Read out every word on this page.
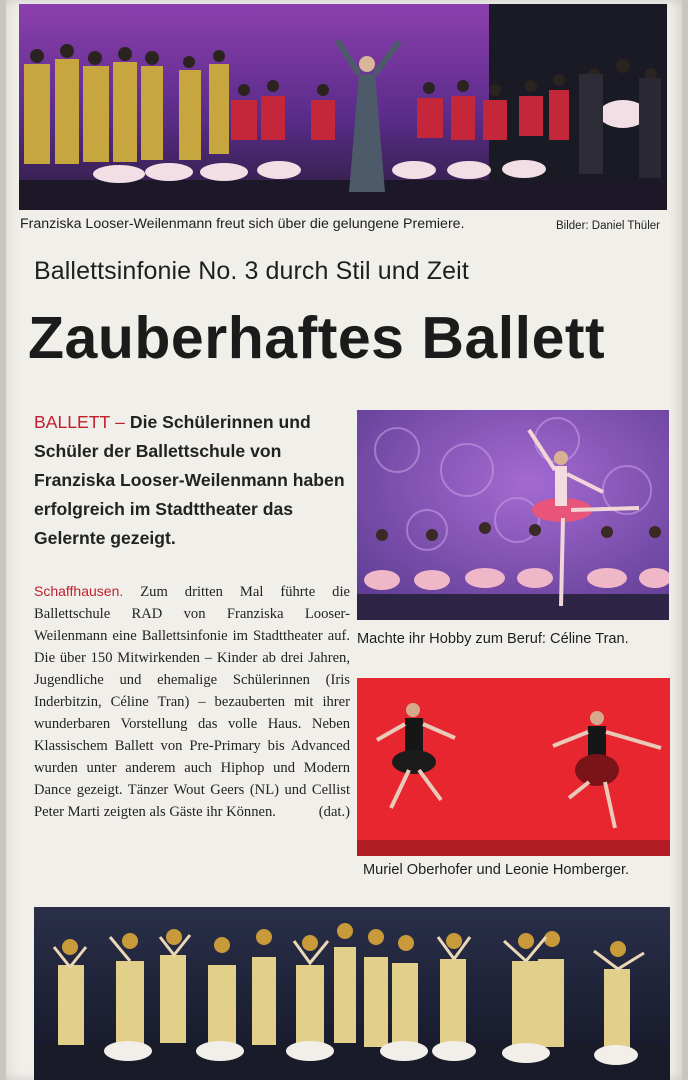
Franziska Looser-Weilenmann freut sich über die gelungene Premiere.	Bilder: Daniel Thüler
Ballettsinfonie No. 3 durch Stil und Zeit
Zauberhaftes Ballett
BALLETT – Die Schülerinnen und Schüler der Ballettschule von Franziska Looser-Weilenmann haben erfolgreich im Stadttheater das Gelernte gezeigt.

Schaffhausen. Zum dritten Mal führte die Ballettschule RAD von Franziska Looser-Weilenmann eine Ballettsinfonie im Stadttheater auf. Die über 150 Mitwirkenden – Kinder ab drei Jahren, Jugendliche und ehemalige Schülerinnen (Iris Inderbitzin, Céline Tran) – bezauberten mit ihrer wunderbaren Vorstellung das volle Haus. Neben Klassischem Ballett von Pre-Primary bis Advanced wurden unter anderem auch Hiphop und Modern Dance gezeigt. Tänzer Wout Geers (NL) und Cellist Peter Marti zeigten als Gäste ihr Können.	(dat.)

Machte ihr Hobby zum Beruf: Céline Tran.
Muriel Oberhofer und Leonie Homberger.
